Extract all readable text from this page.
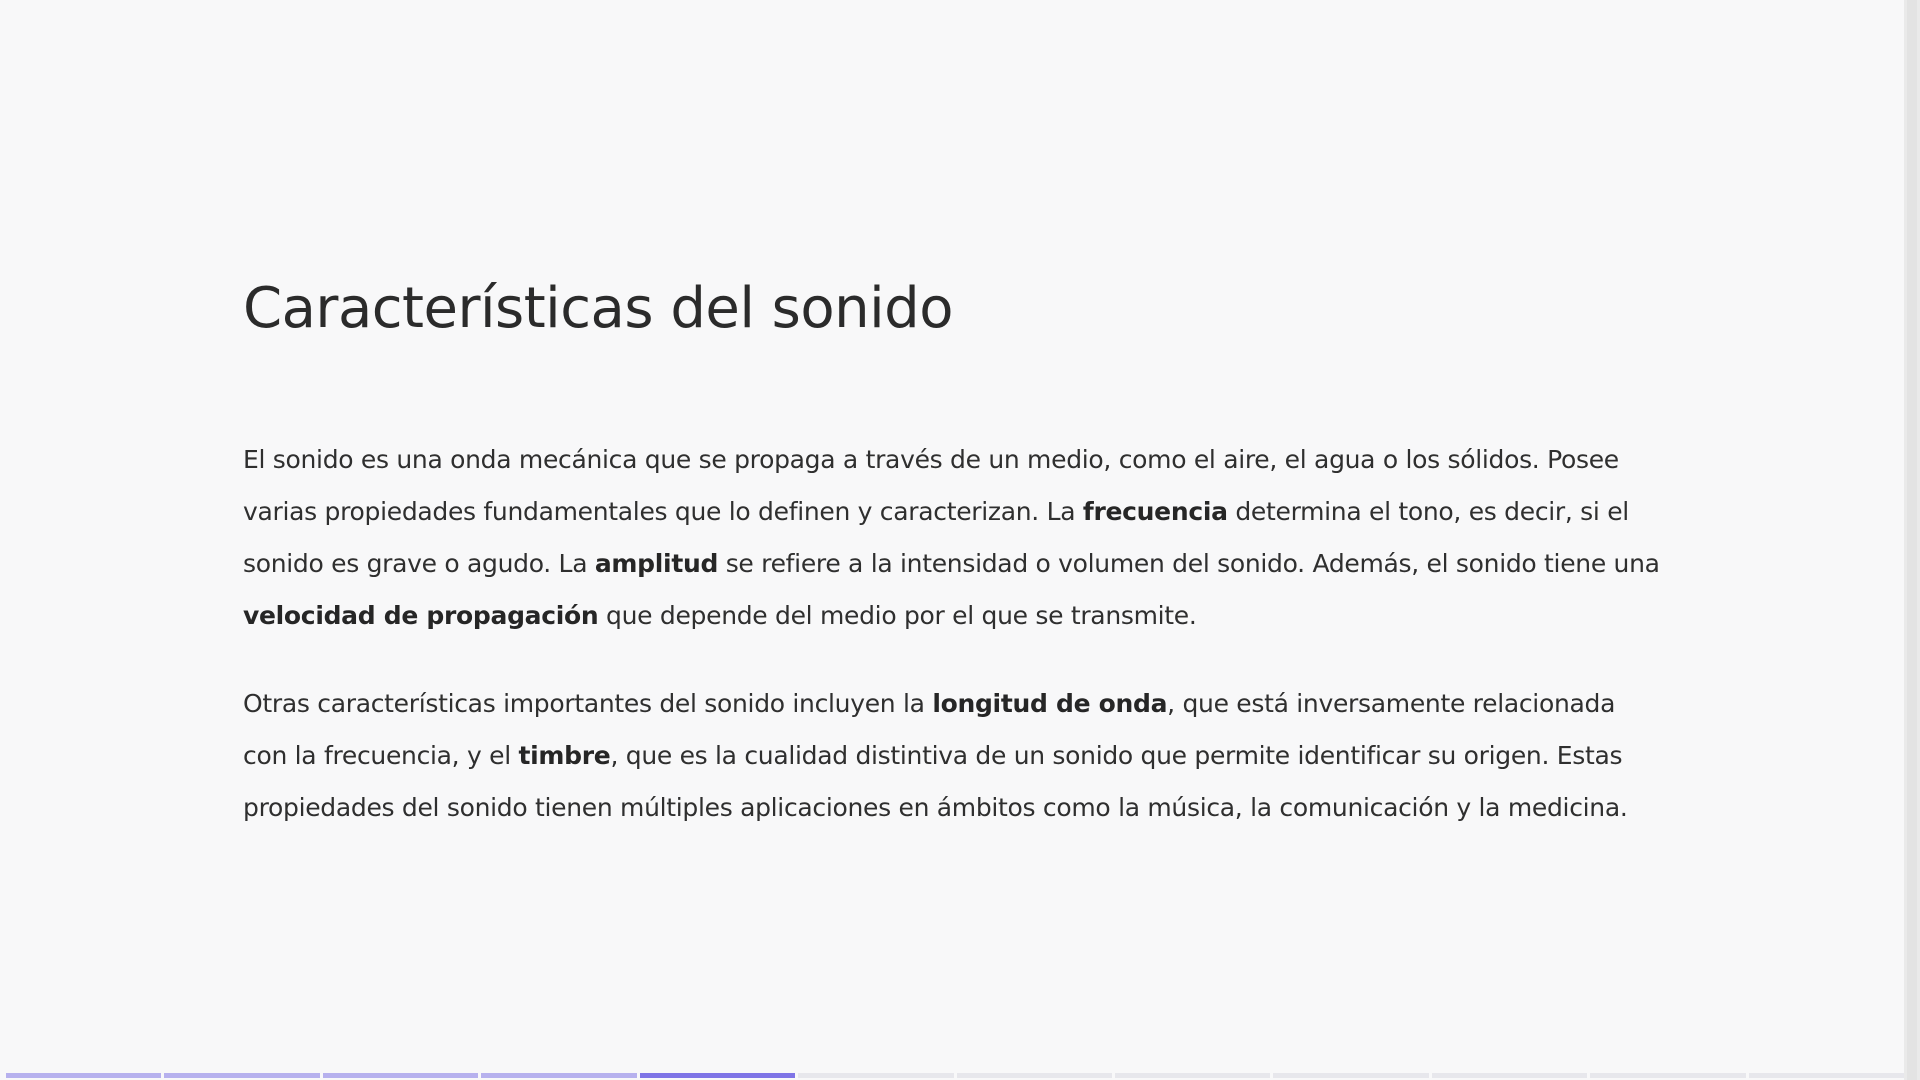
Características del sonido

El sonido es una onda mecánica que se propaga a través de un medio, como el aire, el agua o los sólidos. Posee varias propiedades fundamentales que lo definen y caracterizan. La frecuencia determina el tono, es decir, si el sonido es grave o agudo. La amplitud se refiere a la intensidad o volumen del sonido. Además, el sonido tiene una velocidad de propagación que depende del medio por el que se transmite.

Otras características importantes del sonido incluyen la longitud de onda, que está inversamente relacionada con la frecuencia, y el timbre, que es la cualidad distintiva de un sonido que permite identificar su origen. Estas propiedades del sonido tienen múltiples aplicaciones en ámbitos como la música, la comunicación y la medicina.
